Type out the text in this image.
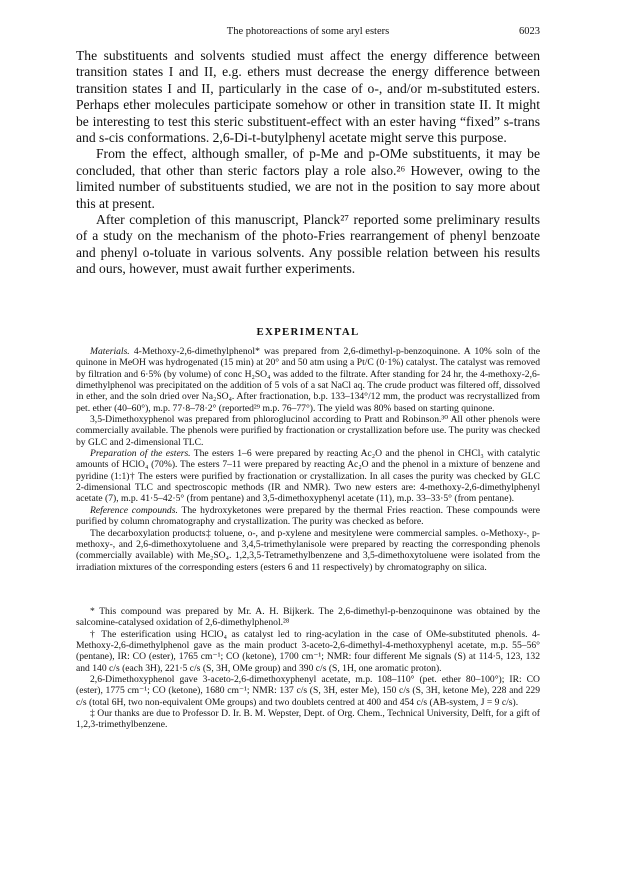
The photoreactions of some aryl esters	6023

The substituents and solvents studied must affect the energy difference between transition states I and II, e.g. ethers must decrease the energy difference between transition states I and II, particularly in the case of o-, and/or m-substituted esters. Perhaps ether molecules participate somehow or other in transition state II. It might be interesting to test this steric substituent-effect with an ester having “fixed” s-trans and s-cis conformations. 2,6-Di-t-butylphenyl acetate might serve this purpose.

From the effect, although smaller, of p-Me and p-OMe substituents, it may be concluded, that other than steric factors play a role also.²⁶ However, owing to the limited number of substituents studied, we are not in the position to say more about this at present.

After completion of this manuscript, Planck²⁷ reported some preliminary results of a study on the mechanism of the photo-Fries rearrangement of phenyl benzoate and phenyl o-toluate in various solvents. Any possible relation between his results and ours, however, must await further experiments.

EXPERIMENTAL

Materials. 4-Methoxy-2,6-dimethylphenol* was prepared from 2,6-dimethyl-p-benzoquinone. A 10% soln of the quinone in MeOH was hydrogenated (15 min) at 20° and 50 atm using a Pt/C (0·1%) catalyst. The catalyst was removed by filtration and 6·5% (by volume) of conc H₂SO₄ was added to the filtrate. After standing for 24 hr, the 4-methoxy-2,6-dimethylphenol was precipitated on the addition of 5 vols of a sat NaCl aq. The crude product was filtered off, dissolved in ether, and the soln dried over Na₂SO₄. After fractionation, b.p. 133–134°/12 mm, the product was recrystallized from pet. ether (40–60°), m.p. 77·8–78·2° (reported²⁹ m.p. 76–77°). The yield was 80% based on starting quinone.

3,5-Dimethoxyphenol was prepared from phloroglucinol according to Pratt and Robinson.³⁰ All other phenols were commercially available. The phenols were purified by fractionation or crystallization before use. The purity was checked by GLC and 2-dimensional TLC.

Preparation of the esters. The esters 1–6 were prepared by reacting Ac₂O and the phenol in CHCl₃ with catalytic amounts of HClO₄ (70%). The esters 7–11 were prepared by reacting Ac₂O and the phenol in a mixture of benzene and pyridine (1:1)† The esters were purified by fractionation or crystallization. In all cases the purity was checked by GLC 2-dimensional TLC and spectroscopic methods (IR and NMR). Two new esters are: 4-methoxy-2,6-dimethylphenyl acetate (7), m.p. 41·5–42·5° (from pentane) and 3,5-dimethoxyphenyl acetate (11), m.p. 33–33·5° (from pentane).

Reference compounds. The hydroxyketones were prepared by the thermal Fries reaction. These compounds were purified by column chromatography and crystallization. The purity was checked as before.

The decarboxylation products‡ toluene, o-, and p-xylene and mesitylene were commercial samples. o-Methoxy-, p-methoxy-, and 2,6-dimethoxytoluene and 3,4,5-trimethylanisole were prepared by reacting the corresponding phenols (commercially available) with Me₂SO₄. 1,2,3,5-Tetramethylbenzene and 3,5-dimethoxytoluene were isolated from the irradiation mixtures of the corresponding esters (esters 6 and 11 respectively) by chromatography on silica.

* This compound was prepared by Mr. A. H. Bijkerk. The 2,6-dimethyl-p-benzoquinone was obtained by the salcomine-catalysed oxidation of 2,6-dimethylphenol.²⁸

† The esterification using HClO₄ as catalyst led to ring-acylation in the case of OMe-substituted phenols. 4-Methoxy-2,6-dimethylphenol gave as the main product 3-aceto-2,6-dimethyl-4-methoxyphenyl acetate, m.p. 55–56° (pentane), IR: CO (ester), 1765 cm⁻¹; CO (ketone), 1700 cm⁻¹; NMR: four different Me signals (S) at 114·5, 123, 132 and 140 c/s (each 3H), 221·5 c/s (S, 3H, OMe group) and 390 c/s (S, 1H, one aromatic proton).

2,6-Dimethoxyphenol gave 3-aceto-2,6-dimethoxyphenyl acetate, m.p. 108–110° (pet. ether 80–100°); IR: CO (ester), 1775 cm⁻¹; CO (ketone), 1680 cm⁻¹; NMR: 137 c/s (S, 3H, ester Me), 150 c/s (S, 3H, ketone Me), 228 and 229 c/s (total 6H, two non-equivalent OMe groups) and two doublets centred at 400 and 454 c/s (AB-system, J = 9 c/s).

‡ Our thanks are due to Professor D. Ir. B. M. Wepster, Dept. of Org. Chem., Technical University, Delft, for a gift of 1,2,3-trimethylbenzene.
